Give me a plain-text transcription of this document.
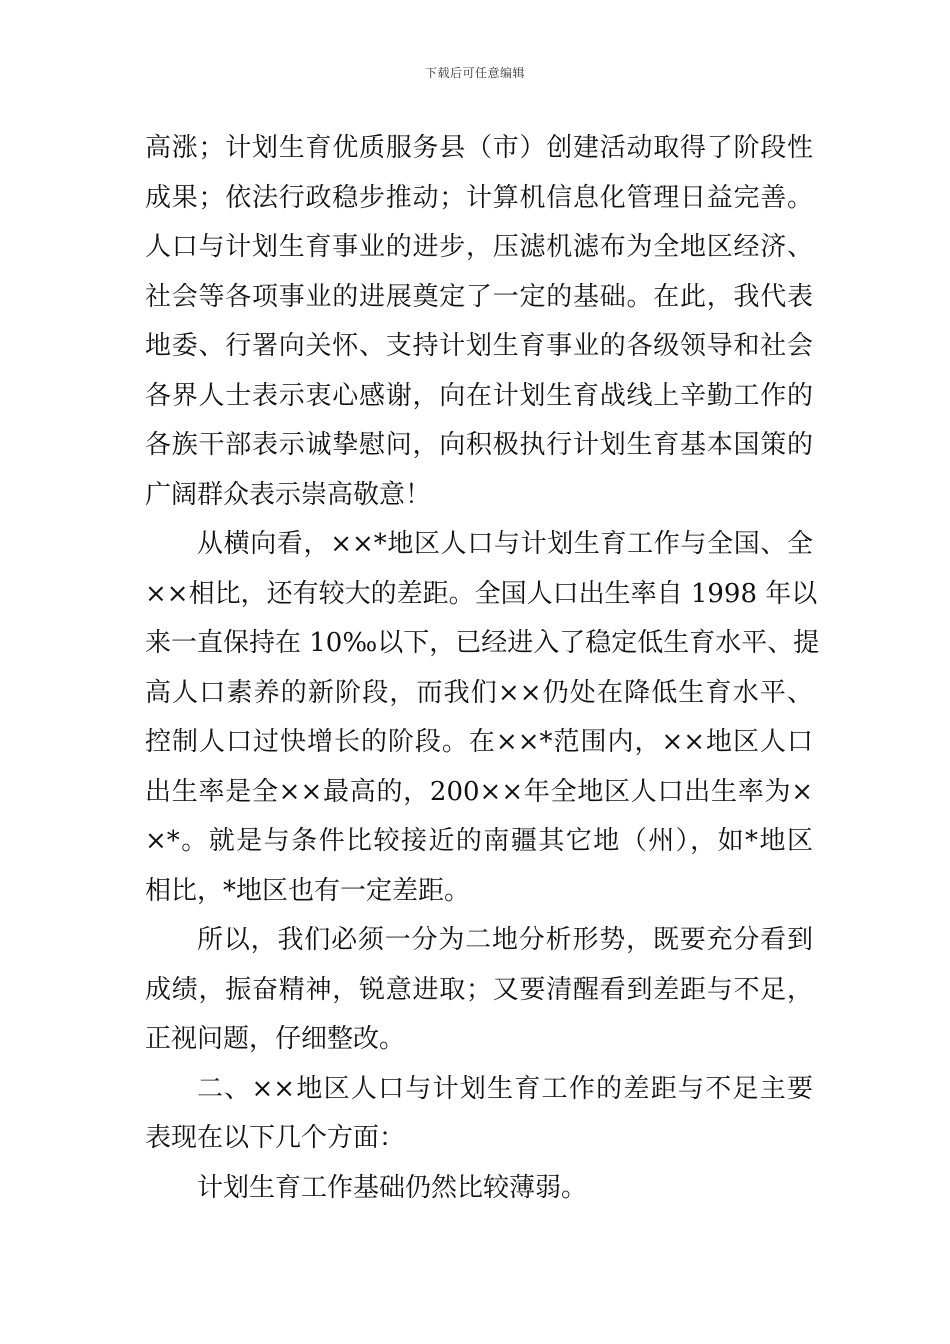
下载后可任意编辑
高涨；计划生育优质服务县（市）创建活动取得了阶段性
成果；依法行政稳步推动；计算机信息化管理日益完善。
人口与计划生育事业的进步，压滤机滤布为全地区经济、
社会等各项事业的进展奠定了一定的基础。在此，我代表
地委、行署向关怀、支持计划生育事业的各级领导和社会
各界人士表示衷心感谢，向在计划生育战线上辛勤工作的
各族干部表示诚挚慰问，向积极执行计划生育基本国策的
广阔群众表示崇高敬意！
从横向看，××*地区人口与计划生育工作与全国、全
××相比，还有较大的差距。全国人口出生率自 1998 年以
来一直保持在 10‰以下，已经进入了稳定低生育水平、提
高人口素养的新阶段，而我们××仍处在降低生育水平、
控制人口过快增长的阶段。在××*范围内，××地区人口
出生率是全××最高的，200××年全地区人口出生率为×
×*。就是与条件比较接近的南疆其它地（州），如*地区
相比，*地区也有一定差距。
所以，我们必须一分为二地分析形势，既要充分看到
成绩，振奋精神，锐意进取；又要清醒看到差距与不足，
正视问题，仔细整改。
二、××地区人口与计划生育工作的差距与不足主要
表现在以下几个方面：
计划生育工作基础仍然比较薄弱。
